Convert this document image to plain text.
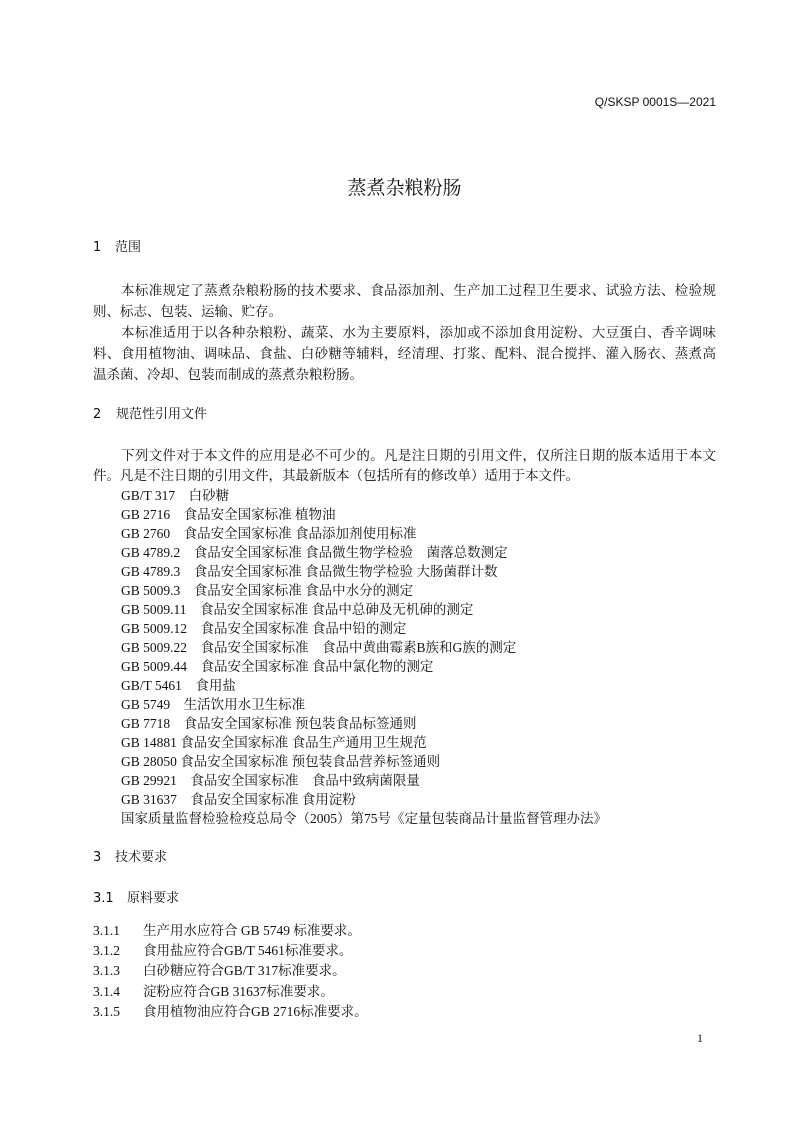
Q/SKSP 0001S—2021
蒸煮杂粮粉肠
1 范围
本标准规定了蒸煮杂粮粉肠的技术要求、食品添加剂、生产加工过程卫生要求、试验方法、检验规
则、标志、包装、运输、贮存。
本标准适用于以各种杂粮粉、蔬菜、水为主要原料，添加或不添加食用淀粉、大豆蛋白、香辛调味
料、食用植物油、调味品、食盐、白砂糖等辅料，经清理、打浆、配料、混合搅拌、灌入肠衣、蒸煮高
温杀菌、冷却、包装而制成的蒸煮杂粮粉肠。
2 规范性引用文件
下列文件对于本文件的应用是必不可少的。凡是注日期的引用文件，仅所注日期的版本适用于本文
件。凡是不注日期的引用文件，其最新版本（包括所有的修改单）适用于本文件。
GB/T 317　白砂糖
GB 2716　食品安全国家标准 植物油
GB 2760　食品安全国家标准 食品添加剂使用标准
GB 4789.2　食品安全国家标准 食品微生物学检验　菌落总数测定
GB 4789.3　食品安全国家标准 食品微生物学检验 大肠菌群计数
GB 5009.3　食品安全国家标准 食品中水分的测定
GB 5009.11　食品安全国家标准 食品中总砷及无机砷的测定
GB 5009.12　食品安全国家标准 食品中铅的测定
GB 5009.22　食品安全国家标准　食品中黄曲霉素B族和G族的测定
GB 5009.44　食品安全国家标准 食品中氯化物的测定
GB/T 5461　食用盐
GB 5749　生活饮用水卫生标准
GB 7718　食品安全国家标准 预包装食品标签通则
GB 14881 食品安全国家标准 食品生产通用卫生规范
GB 28050 食品安全国家标准 预包装食品营养标签通则
GB 29921　食品安全国家标准　食品中致病菌限量
GB 31637　食品安全国家标准 食用淀粉
国家质量监督检验检疫总局令（2005）第75号《定量包装商品计量监督管理办法》
3 技术要求
3.1 原料要求
3.1.1 生产用水应符合 GB 5749 标准要求。
3.1.2 食用盐应符合GB/T 5461标准要求。
3.1.3 白砂糖应符合GB/T 317标准要求。
3.1.4 淀粉应符合GB 31637标准要求。
3.1.5 食用植物油应符合GB 2716标准要求。
1
